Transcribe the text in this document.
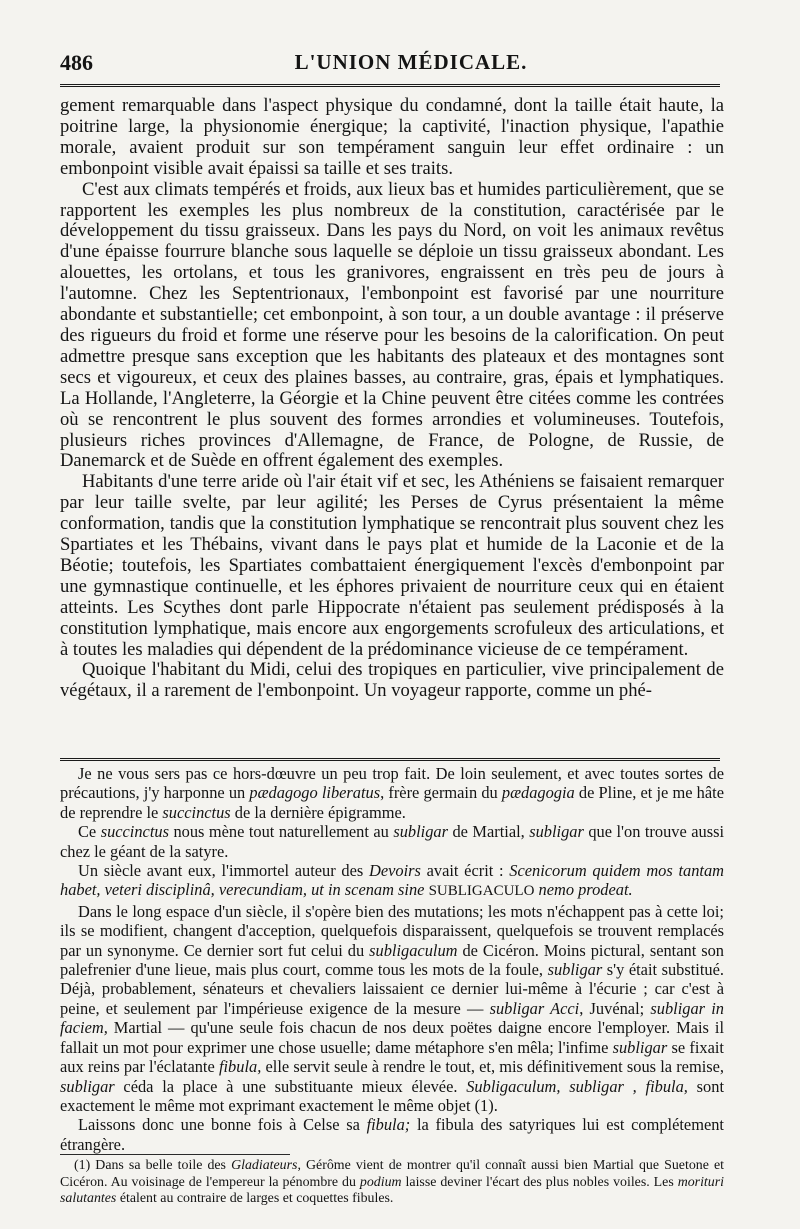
486	L'UNION MÉDICALE.

gement remarquable dans l'aspect physique du condamné, dont la taille était haute, la poitrine large, la physionomie énergique; la captivité, l'inaction physique, l'apathie morale, avaient produit sur son tempérament sanguin leur effet ordinaire : un embonpoint visible avait épaissi sa taille et ses traits.

C'est aux climats tempérés et froids, aux lieux bas et humides particulièrement, que se rapportent les exemples les plus nombreux de la constitution, caractérisée par le développement du tissu graisseux. Dans les pays du Nord, on voit les animaux revêtus d'une épaisse fourrure blanche sous laquelle se déploie un tissu graisseux abondant. Les alouettes, les ortolans, et tous les granivores, engraissent en très peu de jours à l'automne. Chez les Septentrionaux, l'embonpoint est favorisé par une nourriture abondante et substantielle; cet embonpoint, à son tour, a un double avantage : il préserve des rigueurs du froid et forme une réserve pour les besoins de la calorification. On peut admettre presque sans exception que les habitants des plateaux et des montagnes sont secs et vigoureux, et ceux des plaines basses, au contraire, gras, épais et lymphatiques. La Hollande, l'Angleterre, la Géorgie et la Chine peuvent être citées comme les contrées où se rencontrent le plus souvent des formes arrondies et volumineuses. Toutefois, plusieurs riches provinces d'Allemagne, de France, de Pologne, de Russie, de Danemarck et de Suède en offrent également des exemples.

Habitants d'une terre aride où l'air était vif et sec, les Athéniens se faisaient remarquer par leur taille svelte, par leur agilité; les Perses de Cyrus présentaient la même conformation, tandis que la constitution lymphatique se rencontrait plus souvent chez les Spartiates et les Thébains, vivant dans le pays plat et humide de la Laconie et de la Béotie; toutefois, les Spartiates combattaient énergiquement l'excès d'embonpoint par une gymnastique continuelle, et les éphores privaient de nourriture ceux qui en étaient atteints. Les Scythes dont parle Hippocrate n'étaient pas seulement prédisposés à la constitution lymphatique, mais encore aux engorgements scrofuleux des articulations, et à toutes les maladies qui dépendent de la prédominance vicieuse de ce tempérament.

Quoique l'habitant du Midi, celui des tropiques en particulier, vive principalement de végétaux, il a rarement de l'embonpoint. Un voyageur rapporte, comme un phé-

Je ne vous sers pas ce hors-dœuvre un peu trop fait. De loin seulement, et avec toutes sortes de précautions, j'y harponne un pædagogo liberatus, frère germain du pædagogia de Pline, et je me hâte de reprendre le succinctus de la dernière épigramme.

Ce succinctus nous mène tout naturellement au subligar de Martial, subligar que l'on trouve aussi chez le géant de la satyre.

Un siècle avant eux, l'immortel auteur des Devoirs avait écrit : Scenicorum quidem mos tantam habet, veteri disciplinâ, verecundiam, ut in scenam sine SUBLIGACULO nemo prodeat.

Dans le long espace d'un siècle, il s'opère bien des mutations; les mots n'échappent pas à cette loi; ils se modifient, changent d'acception, quelquefois disparaissent, quelquefois se trouvent remplacés par un synonyme. Ce dernier sort fut celui du subligaculum de Cicéron. Moins pictural, sentant son palefrenier d'une lieue, mais plus court, comme tous les mots de la foule, subligar s'y était substitué. Déjà, probablement, sénateurs et chevaliers laissaient ce dernier lui-même à l'écurie ; car c'est à peine, et seulement par l'impérieuse exigence de la mesure — subligar Acci, Juvénal; subligar in faciem, Martial — qu'une seule fois chacun de nos deux poëtes daigne encore l'employer. Mais il fallait un mot pour exprimer une chose usuelle; dame métaphore s'en mêla; l'infime subligar se fixait aux reins par l'éclatante fibula, elle servit seule à rendre le tout, et, mis définitivement sous la remise, subligar céda la place à une substituante mieux élevée. Subligaculum, subligar , fibula, sont exactement le même mot exprimant exactement le même objet (1).

Laissons donc une bonne fois à Celse sa fibula; la fibula des satyriques lui est complétement étrangère.

(1) Dans sa belle toile des Gladiateurs, Gérôme vient de montrer qu'il connaît aussi bien Martial que Suetone et Cicéron. Au voisinage de l'empereur la pénombre du podium laisse deviner l'écart des plus nobles voiles. Les morituri salutantes étalent au contraire de larges et coquettes fibules.
